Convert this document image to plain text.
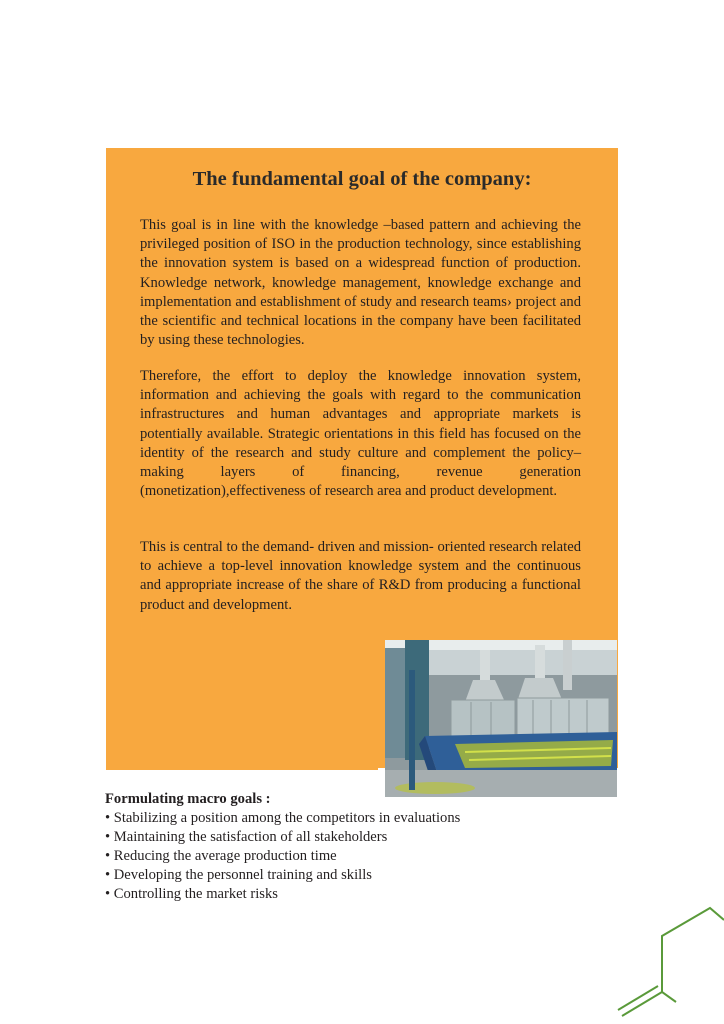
The fundamental goal of the company:

This goal is in line with the knowledge –based pattern and achieving the privileged position of ISO in the production technology, since establishing the innovation system is based on a widespread function of production. Knowledge network, knowledge management, knowledge exchange and implementation and establishment of study and research teams› project and the scientific and technical locations in the company have been facilitated by using these technologies.

Therefore, the effort to deploy the knowledge innovation system, information and achieving the goals with regard to the communication infrastructures and human advantages and appropriate markets is potentially available. Strategic orientations in this field has focused on the identity of the research and study culture and complement the policy–making layers of financing, revenue generation (monetization),effectiveness of research area and product development.

This is central to the demand- driven and mission- oriented research related to achieve a top-level innovation knowledge system and the continuous and appropriate increase of the share of R&D from producing a functional product and development.

Formulating macro goals :
• Stabilizing a position among the competitors in evaluations
• Maintaining the satisfaction of all stakeholders
• Reducing the average production time
• Developing the personnel training and skills
• Controlling the market risks
